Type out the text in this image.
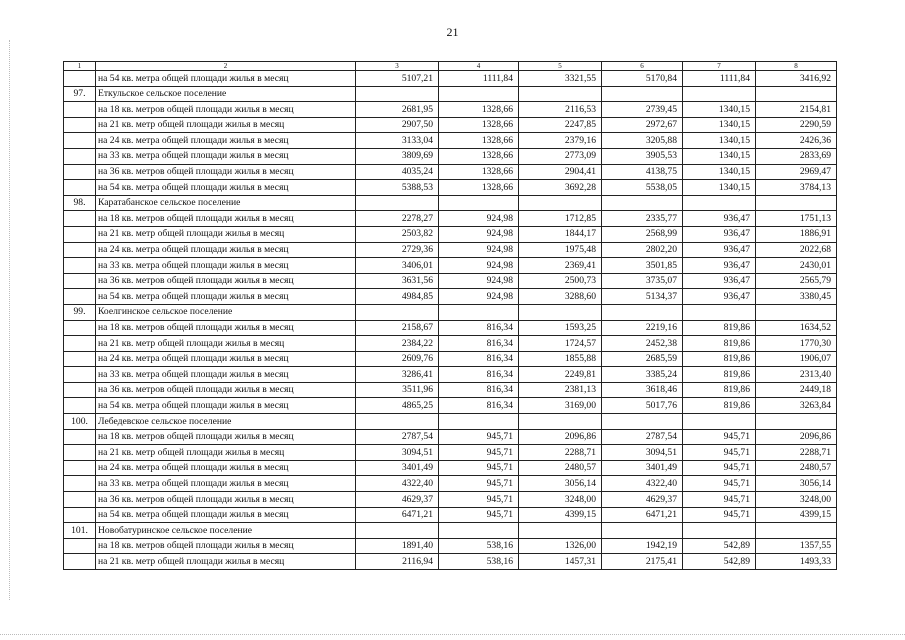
21
1	2	3	4	5	6	7	8
	на 54 кв. метра общей площади жилья в месяц	5107,21	1111,84	3321,55	5170,84	1111,84	3416,92
97.	Еткульское сельское поселение						
	на 18 кв. метров общей площади жилья в месяц	2681,95	1328,66	2116,53	2739,45	1340,15	2154,81
	на 21 кв. метр общей площади жилья в месяц	2907,50	1328,66	2247,85	2972,67	1340,15	2290,59
	на 24 кв. метра общей площади жилья в месяц	3133,04	1328,66	2379,16	3205,88	1340,15	2426,36
	на 33 кв. метра общей площади жилья в месяц	3809,69	1328,66	2773,09	3905,53	1340,15	2833,69
	на 36 кв. метров общей площади жилья в месяц	4035,24	1328,66	2904,41	4138,75	1340,15	2969,47
	на 54 кв. метра общей площади жилья в месяц	5388,53	1328,66	3692,28	5538,05	1340,15	3784,13
98.	Каратабанское сельское поселение						
	на 18 кв. метров общей площади жилья в месяц	2278,27	924,98	1712,85	2335,77	936,47	1751,13
	на 21 кв. метр общей площади жилья в месяц	2503,82	924,98	1844,17	2568,99	936,47	1886,91
	на 24 кв. метра общей площади жилья в месяц	2729,36	924,98	1975,48	2802,20	936,47	2022,68
	на 33 кв. метра общей площади жилья в месяц	3406,01	924,98	2369,41	3501,85	936,47	2430,01
	на 36 кв. метров общей площади жилья в месяц	3631,56	924,98	2500,73	3735,07	936,47	2565,79
	на 54 кв. метра общей площади жилья в месяц	4984,85	924,98	3288,60	5134,37	936,47	3380,45
99.	Коелгинское сельское поселение						
	на 18 кв. метров общей площади жилья в месяц	2158,67	816,34	1593,25	2219,16	819,86	1634,52
	на 21 кв. метр общей площади жилья в месяц	2384,22	816,34	1724,57	2452,38	819,86	1770,30
	на 24 кв. метра общей площади жилья в месяц	2609,76	816,34	1855,88	2685,59	819,86	1906,07
	на 33 кв. метра общей площади жилья в месяц	3286,41	816,34	2249,81	3385,24	819,86	2313,40
	на 36 кв. метров общей площади жилья в месяц	3511,96	816,34	2381,13	3618,46	819,86	2449,18
	на 54 кв. метра общей площади жилья в месяц	4865,25	816,34	3169,00	5017,76	819,86	3263,84
100.	Лебедевское сельское поселение						
	на 18 кв. метров общей площади жилья в месяц	2787,54	945,71	2096,86	2787,54	945,71	2096,86
	на 21 кв. метр общей площади жилья в месяц	3094,51	945,71	2288,71	3094,51	945,71	2288,71
	на 24 кв. метра общей площади жилья в месяц	3401,49	945,71	2480,57	3401,49	945,71	2480,57
	на 33 кв. метра общей площади жилья в месяц	4322,40	945,71	3056,14	4322,40	945,71	3056,14
	на 36 кв. метров общей площади жилья в месяц	4629,37	945,71	3248,00	4629,37	945,71	3248,00
	на 54 кв. метра общей площади жилья в месяц	6471,21	945,71	4399,15	6471,21	945,71	4399,15
101.	Новобатуринское сельское поселение						
	на 18 кв. метров общей площади жилья в месяц	1891,40	538,16	1326,00	1942,19	542,89	1357,55
	на 21 кв. метр общей площади жилья в месяц	2116,94	538,16	1457,31	2175,41	542,89	1493,33
